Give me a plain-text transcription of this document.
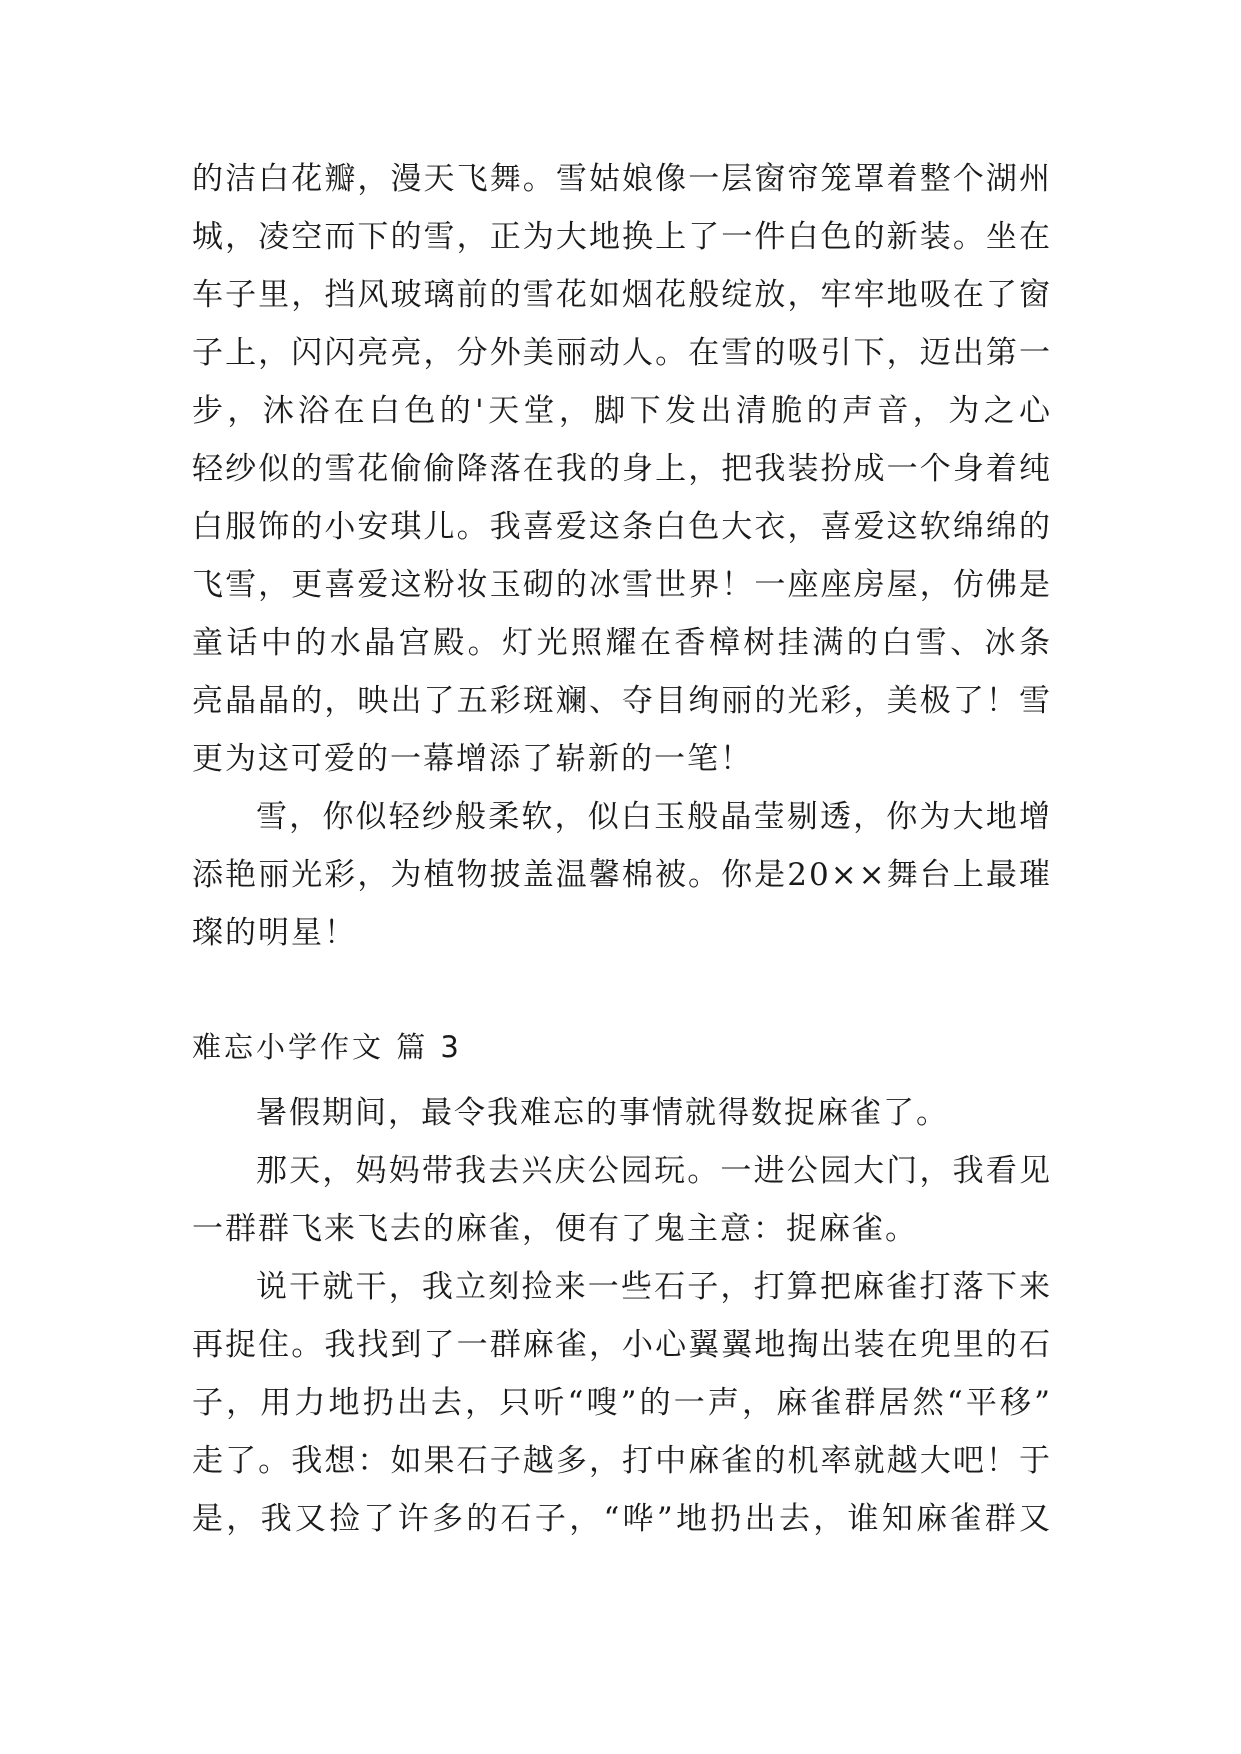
的洁白花瓣，漫天飞舞。雪姑娘像一层窗帘笼罩着整个湖州
城，凌空而下的雪，正为大地换上了一件白色的新装。坐在
车子里，挡风玻璃前的雪花如烟花般绽放，牢牢地吸在了窗
子上，闪闪亮亮，分外美丽动人。在雪的吸引下，迈出第一
步，沐浴在白色的'天堂，脚下发出清脆的声音，为之心
轻纱似的雪花偷偷降落在我的身上，把我装扮成一个身着纯
白服饰的小安琪儿。我喜爱这条白色大衣，喜爱这软绵绵的
飞雪，更喜爱这粉妆玉砌的冰雪世界！一座座房屋，仿佛是
童话中的水晶宫殿。灯光照耀在香樟树挂满的白雪、冰条
亮晶晶的，映出了五彩斑斓、夺目绚丽的光彩，美极了！雪
更为这可爱的一幕增添了崭新的一笔！
雪，你似轻纱般柔软，似白玉般晶莹剔透，你为大地增
添艳丽光彩，为植物披盖温馨棉被。你是20××舞台上最璀
璨的明星！
难忘小学作文 篇 3
暑假期间，最令我难忘的事情就得数捉麻雀了。
那天，妈妈带我去兴庆公园玩。一进公园大门，我看见
一群群飞来飞去的麻雀，便有了鬼主意：捉麻雀。
说干就干，我立刻捡来一些石子，打算把麻雀打落下来
再捉住。我找到了一群麻雀，小心翼翼地掏出装在兜里的石
子，用力地扔出去，只听“嗖”的一声，麻雀群居然“平移”
走了。我想：如果石子越多，打中麻雀的机率就越大吧！于
是，我又捡了许多的石子，“哗”地扔出去，谁知麻雀群又
